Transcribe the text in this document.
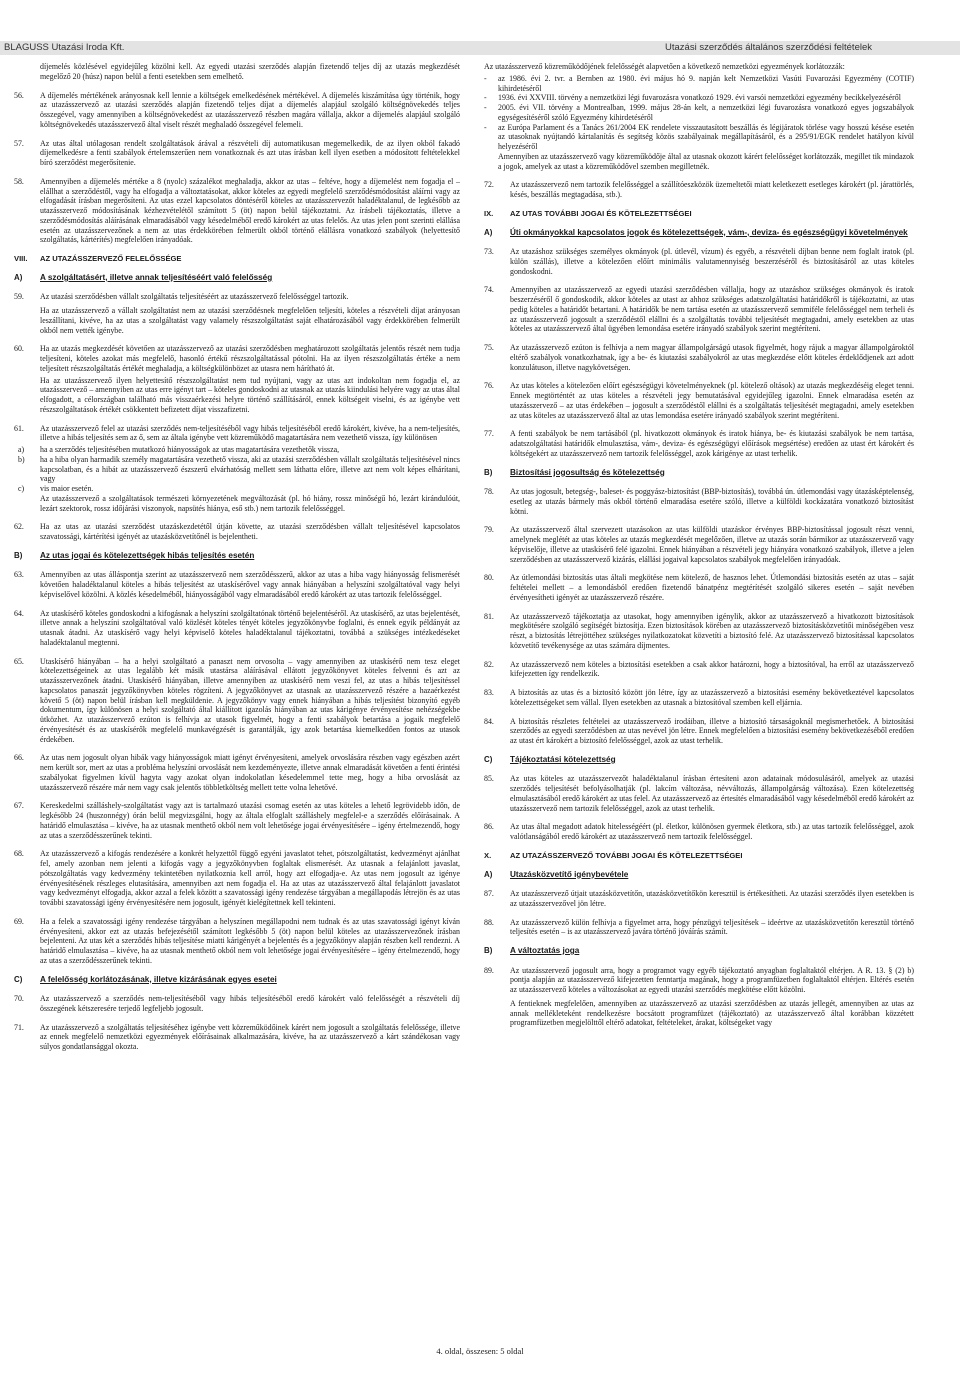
BLAGUSS Utazási Iroda Kft.	Utazási szerződés általános szerződési feltételek

díjemelés közlésével egyidejűleg közölni kell. Az egyedi utazási szerződés alapján fizetendő teljes díj az utazás megkezdését megelőző 20 (húsz) napon belül a fenti esetekben sem emelhető.

56.	A díjemelés mértékének arányosnak kell lennie a költségek emelkedésének mértékével. A díjemelés kiszámítása úgy történik, hogy az utazásszervező az utazási szerződés alapján fizetendő teljes díjat a díjemelés alapjául szolgáló költségnövekedés teljes összegével, vagy amennyiben a költségnövekedést az utazásszervező részben magára vállalja, akkor a díjemelés alapjául szolgáló költségnövekedés utazásszervező által viselt részét meghaladó összegével felemeli.

57.	Az utas által utólagosan rendelt szolgáltatások árával a részvételi díj automatikusan megemelkedik, de az ilyen okból fakadó díjemelkedésre a fenti szabályok értelemszerűen nem vonatkoznak és azt utas írásban kell ilyen esetben a módosított feltételekkel bíró szerződést megerősítenie.

58.	Amennyiben a díjemelés mértéke a 8 (nyolc) százalékot meghaladja, akkor az utas – feltéve, hogy a díjemelést nem fogadja el – elállhat a szerződéstől, vagy ha elfogadja a változtatásokat, akkor köteles az egyedi megfelelő szerződésmódosítást aláírni vagy az elfogadását írásban megerősíteni. Az utas ezzel kapcsolatos döntéséről köteles az utazásszervezőt haladéktalanul, de legkésőbb az utazásszervező módosításának kézhezvételétől számított 5 (öt) napon belül tájékoztatni. Az írásbeli tájékoztatás, illetve a szerződésmódosítás aláírásának elmaradásából vagy késedelméből eredő károkért az utas felelős. Az utas jelen pont szerinti elállása esetén az utazásszervezőnek a nem az utas érdekkörében felmerült okból történő elállásra vonatkozó szabályok (helyettesítő szolgáltatás, kártérítés) megfelelően irányadóak.

VIII.	AZ UTAZÁSSZERVEZŐ FELELŐSSÉGE
A)	A szolgáltatásért, illetve annak teljesítéséért való felelősség
59.	Az utazási szerződésben vállalt szolgáltatás teljesítéséért az utazásszervező felelősséggel tartozik.

Ha az utazásszervező a vállalt szolgáltatást nem az utazási szerződésnek megfelelően teljesíti, köteles a részvételi díjat arányosan leszállítani, kivéve, ha az utas a szolgáltatást vagy valamely részszolgáltatást saját elhatározásából vagy érdekkörében felmerült okból nem vették igénybe.

60.	Ha az utazás megkezdését követően az utazásszervező az utazási szerződésben meghatározott szolgáltatás jelentős részét nem tudja teljesíteni, köteles azokat más megfelelő, hasonló értékű részszolgáltatással pótolni. Ha az ilyen részszolgáltatás értéke a nem teljesített részszolgáltatás értékét meghaladja, a költségkülönbözet az utasra nem hárítható át.

Ha az utazásszervező ilyen helyettesítő részszolgáltatást nem tud nyújtani, vagy az utas azt indokoltan nem fogadja el, az utazásszervező – amennyiben az utas erre igényt tart – köteles gondoskodni az utasnak az utazás kiindulási helyére vagy az utas által elfogadott, a célországban található más visszaérkezési helyre történő szállításáról, ennek költségeit viselni, és az igénybe vett részszolgáltatások értékét csökkentett befizetett díjat visszafizetni.

61.	Az utazásszervező felel az utazási szerződés nem-teljesítéséből vagy hibás teljesítéséből eredő károkért, kivéve, ha a nem-teljesítés, illetve a hibás teljesítés sem az ő, sem az általa igénybe vett közreműködő magatartására nem vezethető vissza, így különösen

a)	ha a szerződés teljesítésében mutatkozó hiányosságok az utas magatartására vezethetők vissza,
b)	ha a hiba olyan harmadik személy magatartására vezethető vissza, aki az utazási szerződésben vállalt szolgáltatás teljesítésével nincs kapcsolatban, és a hibát az utazásszervező észszerű elvárhatóság mellett sem láthatta előre, illetve azt nem volt képes elhárítani, vagy
c)	vis maior esetén.

Az utazásszervező a szolgáltatások természeti környezetének megváltozását (pl. hó hiány, rossz minőségű hó, lezárt kirándulóút, lezárt szektorok, rossz időjárási viszonyok, napsütés hiánya, eső stb.) nem tartozik felelősséggel.

62.	Ha az utas az utazási szerződést utazáskezdetétől útján követte, az utazási szerződésben vállalt teljesítésével kapcsolatos szavatossági, kártérítési igényét az utazásközvetítőnél is bejelentheti.

B)	Az utas jogai és kötelezettségek hibás teljesítés esetén
63.	Amennyiben az utas álláspontja szerint az utazásszervező nem szerződésszerű, akkor az utas a hiba vagy hiányosság felismerését követően haladéktalanul köteles a hibás teljesítést az utaskísérővel vagy annak hiányában a helyszíni szolgáltatóval vagy helyi képviselővel közölni. A közlés késedelméből, hiányosságából vagy elmaradásából eredő károkért az utas tartozik felelősséggel.

64.	Az utaskísérő köteles gondoskodni a kifogásnak a helyszíni szolgáltatónak történő bejelentéséről. Az utaskísérő, az utas bejelentését, illetve annak a helyszíni szolgáltatóval való közlését köteles tényét köteles jegyzőkönyvbe foglalni, és ennek egyik példányát az utasnak átadni. Az utaskísérő vagy helyi képviselő köteles haladéktalanul tájékoztatni, továbbá a szükséges intézkedéseket haladéktalanul megtenni.

65.	Utaskísérő hiányában – ha a helyi szolgáltató a panaszt nem orvosolta – vagy amennyiben az utaskísérő nem tesz eleget kötelezettségeinek az utas legalább két másik utastársa aláírásával ellátott jegyzőkönyvet köteles felvenni és azt az utazásszervezőnek átadni. Utaskísérő hiányában, illetve amennyiben az utaskísérő nem veszi fel, az utas a hibás teljesítéssel kapcsolatos panaszát jegyzőkönyvben köteles rögzíteni. A jegyzőkönyvet az utasnak az utazásszervező részére a hazaérkezést követő 5 (öt) napon belül írásban kell megküldenie. A jegyzőkönyv vagy ennek hiányában a hibás teljesítést bizonyító egyéb dokumentum, így különösen a helyi szolgáltató által kiállított igazolás hiányában az utas kárigénye érvényesítése nehézségekbe ütközhet. Az utazásszervező ezúton is felhívja az utasok figyelmét, hogy a fenti szabályok betartása a jogaik megfelelő érvényesítését és az utaskísérők megfelelő munkavégzését is garantálják, így azok betartása kiemelkedően fontos az utasok érdekében.

66.	Az utas nem jogosult olyan hibák vagy hiányosságok miatt igényt érvényesíteni, amelyek orvoslására részben vagy egészben azért nem került sor, mert az utas a probléma helyszíni orvoslását nem kezdeményezte, illetve annak elmaradását követően a fenti érintési szabályokat figyelmen kívül hagyta vagy azokat olyan indokolatlan késedelemmel tette meg, hogy a hiba orvoslását az utazásszervező részére már nem vagy csak jelentős többletköltség mellett tette volna lehetővé.

67.	Kereskedelmi szálláshely-szolgáltatást vagy azt is tartalmazó utazási csomag esetén az utas köteles a lehető legrövidebb időn, de legkésőbb 24 (huszonnégy) órán belül megvizsgálni, hogy az általa elfoglalt szálláshely megfelel-e a szerződés előírásainak. A határidő elmulasztása – kivéve, ha az utasnak menthető okból nem volt lehetősége jogai érvényesítésére – igény értelmezendő, hogy az utas a szerződésszerűnek tekinti.

68.	Az utazásszervező a kifogás rendezésére a konkrét helyzettől függő egyéni javaslatot tehet, pótszolgáltatást, kedvezményt ajánlhat fel, amely azonban nem jelenti a kifogás vagy a jegyzőkönyvben foglaltak elismerését. Az utasnak a felajánlott javaslat, pótszolgáltatás vagy kedvezmény tekintetében nyilatkoznia kell arról, hogy azt elfogadja-e. Az utas nem jogosult az igénye érvényesítésének részleges elutasítására, amennyiben azt nem fogadja el. Ha az utas az utazásszervező által felajánlott javaslatot vagy kedvezményt elfogadja, akkor azzal a felek között a szavatossági igény rendezése tárgyában a megállapodás létrejön és az utas további szavatossági igény érvényesítésére nem jogosult, igényét kielégítettnek kell tekinteni.

69.	Ha a felek a szavatossági igény rendezése tárgyában a helyszínen megállapodni nem tudnak és az utas szavatossági igényt kíván érvényesíteni, akkor ezt az utazás befejezésétől számított legkésőbb 5 (öt) napon belül köteles az utazásszervezőnek írásban bejelenteni. Az utas két a szerződés hibás teljesítése miatti kárigényét a bejelentés és a jegyzőkönyv alapján részben kell rendezni. A határidő elmulasztása – kivéve, ha az utasnak menthető okból nem volt lehetősége jogai érvényesítésére – igény értelmezendő, hogy az utas a szerződésszerűnek tekinti.

C)	A felelősség korlátozásának, illetve kizárásának egyes esetei
70.	Az utazásszervező a szerződés nem-teljesítéséből vagy hibás teljesítéséből eredő károkért való felelősségét a részvételi díj összegének kétszeresére terjedő legfeljebb jogosult.

71.	Az utazásszervező a szolgáltatás teljesítéséhez igénybe vett közreműködőinek kárért nem jogosult a szolgáltatás felelőssége, illetve az ennek megfelelő nemzetközi egyezmények előírásainak alkalmazására, kivéve, ha az utazásszervező a kárt szándékosan vagy súlyos gondatlansággal okozta.

Az utazásszervező közreműködőjének felelősségét alapvetően a következő nemzetközi egyezmények korlátozzák:

-	az 1986. évi 2. tvr. a Bernben az 1980. évi május hó 9. napján kelt Nemzetközi Vasúti Fuvarozási Egyezmény (COTIF) kihirdetéséről
-	1936. évi XXVIII. törvény a nemzetközi légi fuvarozásra vonatkozó 1929. évi varsói nemzetközi egyezmény becikkelyezéséről
-	2005. évi VII. törvény a Montrealban, 1999. május 28-án kelt, a nemzetközi légi fuvarozásra vonatkozó egyes jogszabályok egységesítéséről szóló Egyezmény kihirdetéséről
-	az Európa Parlament és a Tanács 261/2004 EK rendelete visszautasított beszállás és légijáratok törlése vagy hosszú késése esetén az utasoknak nyújtandó kártalanítás és segítség közös szabályainak megállapításáról, és a 295/91/EGK rendelet hatályon kívül helyezéséről

Amennyiben az utazásszervező vagy közreműködője által az utasnak okozott kárért felelősséget korlátozzák, megillet tik mindazok a jogok, amelyek az utast a közreműködővel szemben megilletnék.

72.	Az utazásszervező nem tartozik felelősséggel a szállítóeszközök üzemeltetői miatt keletkezett esetleges károkért (pl. járattörlés, késés, beszállás megtagadása, stb.).

IX.	AZ UTAS TOVÁBBI JOGAI ÉS KÖTELEZETTSÉGEI
A)	Úti okmányokkal kapcsolatos jogok és kötelezettségek, vám-, deviza- és egészségügyi követelmények
73.	Az utazáshoz szükséges személyes okmányok (pl. útlevél, vízum) és egyéb, a részvételi díjban benne nem foglalt iratok (pl. külön szállás), illetve a kötelezően előírt minimális valutamennyiség beszerzéséről és biztosításáról az utas köteles gondoskodni.

74.	Amennyiben az utazásszervező az egyedi utazási szerződésben vállalja, hogy az utazáshoz szükséges okmányok és iratok beszerzéséről ő gondoskodik, akkor köteles az utast az ahhoz szükséges adatszolgáltatási határidőkről is tájékoztatni, az utas pedig köteles a határidőt betartani. A határidők be nem tartása esetén az utazásszervező semmiféle felelősséggel nem terheli és az utazásszervező jogosult a szerződéstől elállni és a szolgáltatás további teljesítését megtagadni, amely esetekben az utas köteles az utazásszervező által ügyében lemondása esetére irányadó szabályok szerint megtéríteni.

75.	Az utazásszervező ezúton is felhívja a nem magyar állampolgárságú utasok figyelmét, hogy rájuk a magyar állampolgároktól eltérő szabályok vonatkozhatnak, így a be- és kiutazási szabályokról az utas megkezdése előtt köteles érdeklődjenek azt adott konzulátuson, illetve nagykövetségen.

76.	Az utas köteles a kötelezően előírt egészségügyi követelményeknek (pl. kötelező oltások) az utazás megkezdéséig eleget tenni. Ennek megtörténtét az utas köteles a részvételi jegy bemutatásával egyidejűleg igazolni. Ennek elmaradása esetén az utazásszervező – az utas érdekében – jogosult a szerződéstől elállni és a szolgáltatás teljesítését megtagadni, amely esetekben az utas köteles az utazásszervező által az utas lemondása esetére irányadó szabályok szerint megtéríteni.

77.	A fenti szabályok be nem tartásából (pl. hivatkozott okmányok és iratok hiánya, be- és kiutazási szabályok be nem tartása, adatszolgáltatási határidők elmulasztása, vám-, deviza- és egészségügyi előírások megsértése) eredően az utast ért károkért és költségekért az utazásszervező nem tartozik felelősséggel, azok kárigénye az utast terhelik.

B)	Biztosítási jogosultság és kötelezettség
78.	Az utas jogosult, betegség-, baleset- és poggyász-biztosítást (BBP-biztosítás), továbbá ún. útlemondási vagy útazásképtelenség, esetleg az utazás bármely más okból történő elmaradása esetére szóló, illetve a külföldi kockázatára vonatkozó biztosítást kötni.

79.	Az utazásszervező által szervezett utazásokon az utas külföldi utazáskor érvényes BBP-biztosítással jogosult részt venni, amelynek meglétét az utas köteles az utazás megkezdését megelőzően, illetve az utazás során bármikor az utazásszervező vagy képviselője, illetve az utaskísérő felé igazolni. Ennek hiányában a részvételi jegy hiányára vonatkozó szabályok, illetve a jelen szerződésben az utazásszervező kizárás, elállási jogaival kapcsolatos szabályok megfelelően irányadóak.

80.	Az útlemondási biztosítás utas általi megkötése nem kötelező, de hasznos lehet. Útlemondási biztosítás esetén az utas – saját feltételei mellett – a lemondásból eredően fizetendő bánatpénz megtérítését szolgáló sikeres esetén – saját nevében érvényesítheti igényét az utazásszervező részére.

81.	Az utazásszervező tájékoztatja az utasokat, hogy amennyiben igénylik, akkor az utazásszervező a hivatkozott biztosítások megkötésére szolgáló segítségét biztosítja. Ezen biztosítások körében az utazásszervező biztosításközvetítői minőségében vesz részt, a biztosítás létrejöttéhez szükséges nyilatkozatokat közvetíti a biztosító felé. Az utazásszervező biztosítással kapcsolatos közvetítő tevékenysége az utas számára díjmentes.

82.	Az utazásszervező nem köteles a biztosítási esetekben a csak akkor határozni, hogy a biztosítóval, ha erről az utazásszervező kifejezetten így rendelkezik.

83.	A biztosítás az utas és a biztosító között jön létre, így az utazásszervező a biztosítási esemény bekövetkeztével kapcsolatos kötelezettségeket sem vállal. Ilyen esetekben az utasnak a biztosítóval szemben kell eljárnia.

84.	A biztosítás részletes feltételei az utazásszervező irodáiban, illetve a biztosító társaságoknál megismerhetőek. A biztosítási szerződés az egyedi szerződésben az utas nevével jön létre. Ennek megfelelően a biztosítási esemény bekövetkezéséből eredően az utast ért károkért a biztosító felelősséggel, azok az utast terhelik.

C)	Tájékoztatási kötelezettség
85.	Az utas köteles az utazásszervezőt haladéktalanul írásban értesíteni azon adatainak módosulásáról, amelyek az utazási szerződés teljesítését befolyásolhatják (pl. lakcím változása, névváltozás, állampolgárság változása). Ezen kötelezettség elmulasztásából eredő károkért az utas felel. Az utazásszervező az értesítés elmaradásából vagy késedelméből eredő károkért az utazásszervező nem tartozik felelősséggel, azok az utast terhelik.

86.	Az utas által megadott adatok hitelességéért (pl. életkor, különösen gyermek életkora, stb.) az utas tartozik felelősséggel, azok valótlanságából eredő károkért az utazásszervező nem tartozik felelősséggel.

X.	AZ UTAZÁSSZERVEZŐ TOVÁBBI JOGAI ÉS KÖTELEZETTSÉGEI
A)	Utazásközvetítő igénybevétele
87.	Az utazásszervező útjait utazásközvetítőn, utazásközvetítőkön keresztül is értékesítheti. Az utazási szerződés ilyen esetekben is az utazásszervezővel jön létre.

88.	Az utazásszervező külön felhívja a figyelmet arra, hogy pénzügyi teljesítések – ideértve az utazásközvetítőn keresztül történő teljesítés esetén – is az utazásszervező javára történő jóváírás számít.

B)	A változtatás joga
89.	Az utazásszervező jogosult arra, hogy a programot vagy egyéb tájékoztató anyagban foglaltaktól eltérjen. A R. 13. § (2) b) pontja alapján az utazásszervező kifejezetten fenntartja magának, hogy a programfüzetben foglaltaktól eltérjen. Eltérés esetén az utazásszervező köteles a változásokat az egyedi utazási szerződés megkötése előtt közölni.

A fentieknek megfelelően, amennyiben az utazásszervező az utazási szerződésben az utazás jellegét, amennyiben az utas az annak mellékleteként rendelkezésre bocsátott programfüzet (tájékoztató) az utazásszervező által korábban közzétett programfüzetben megjelölttől eltérő adatokat, feltételeket, árakat, költségeket vagy

4. oldal, összesen: 5 oldal
